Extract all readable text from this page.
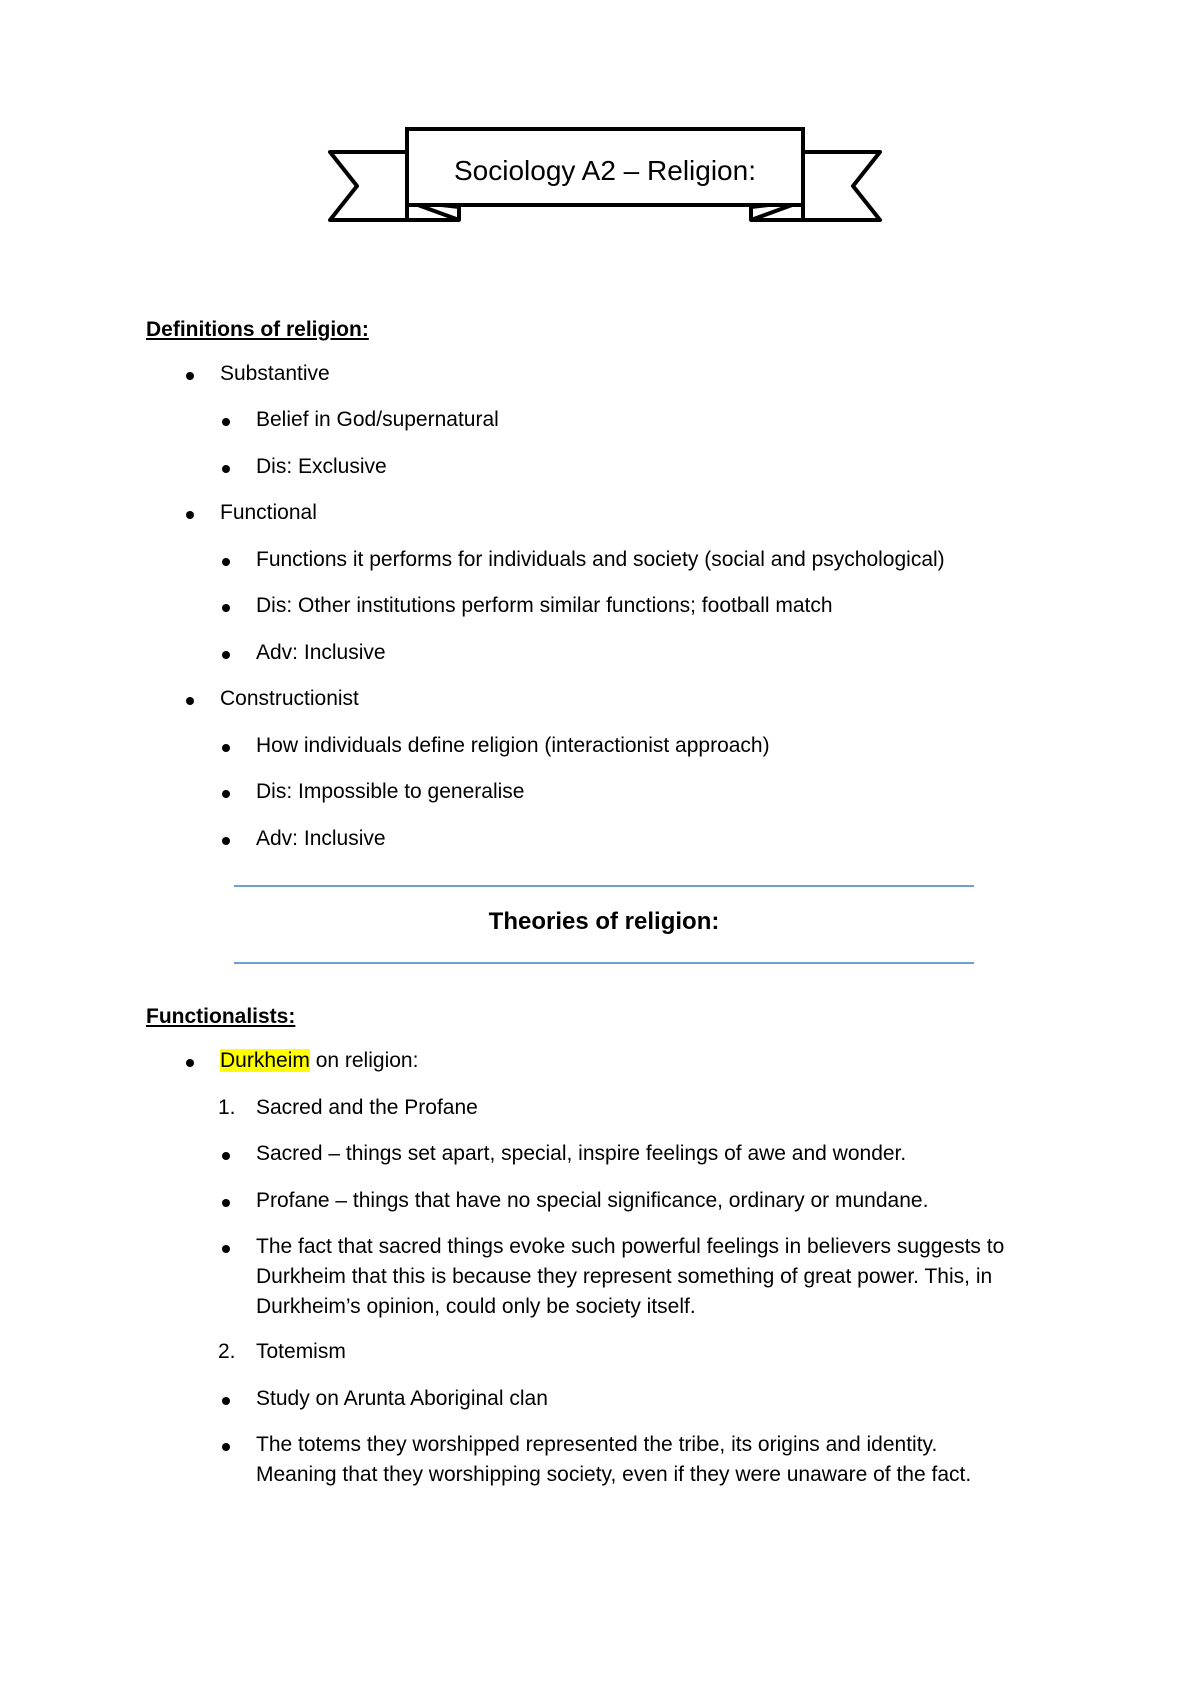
Sociology A2 – Religion:
Definitions of religion:
Substantive
Belief in God/supernatural
Dis: Exclusive
Functional
Functions it performs for individuals and society (social and psychological)
Dis: Other institutions perform similar functions; football match
Adv: Inclusive
Constructionist
How individuals define religion (interactionist approach)
Dis: Impossible to generalise
Adv: Inclusive
Theories of religion:
Functionalists:
Durkheim on religion:
1. Sacred and the Profane
Sacred – things set apart, special, inspire feelings of awe and wonder.
Profane – things that have no special significance, ordinary or mundane.
The fact that sacred things evoke such powerful feelings in believers suggests to
Durkheim that this is because they represent something of great power. This, in
Durkheim’s opinion, could only be society itself.
2. Totemism
Study on Arunta Aboriginal clan
The totems they worshipped represented the tribe, its origins and identity.
Meaning that they worshipping society, even if they were unaware of the fact.
